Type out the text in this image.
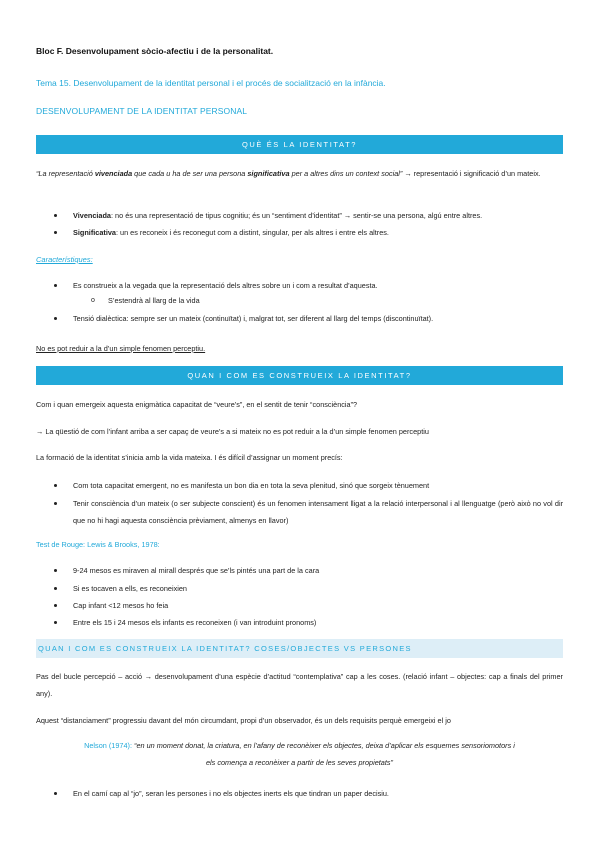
Bloc F. Desenvolupament sòcio-afectiu i de la personalitat.
Tema 15. Desenvolupament de la identitat personal i el procés de socialització en la infància.
DESENVOLUPAMENT DE LA IDENTITAT PERSONAL
QUÈ ÉS LA IDENTITAT?
“La representació vivenciada que cada u ha de ser una persona significativa per a altres dins un context social” → representació i significació d’un mateix.
Vivenciada: no és una representació de tipus cognitiu; és un “sentiment d’identitat” → sentir-se una persona, algú entre altres.
Significativa: un es reconeix i és reconegut com a distint, singular, per als altres i entre els altres.
Característiques:
Es construeix a la vegada que la representació dels altres sobre un i com a resultat d’aquesta.
o S’estendrà al llarg de la vida
Tensió dialèctica: sempre ser un mateix (continuïtat) i, malgrat tot, ser diferent al llarg del temps (discontinuïtat).
No es pot reduir a la d’un simple fenomen perceptiu.
QUAN I COM ES CONSTRUEIX LA IDENTITAT?
Com i quan emergeix aquesta enigmàtica capacitat de “veure’s”, en el sentit de tenir “consciència”?
→ La qüestió de com l’infant arriba a ser capaç de veure’s a si mateix no es pot reduir a la d’un simple fenomen perceptiu
La formació de la identitat s’inicia amb la vida mateixa. I és difícil d’assignar un moment precís:
Com tota capacitat emergent, no es manifesta un bon dia en tota la seva plenitud, sinó que sorgeix tènuement
Tenir consciència d’un mateix (o ser subjecte conscient) és un fenomen intensament lligat a la relació interpersonal i al llenguatge (però això no vol dir que no hi hagi aquesta consciència prèviament, almenys en llavor)
Test de Rouge: Lewis & Brooks, 1978:
9-24 mesos es miraven al mirall després que se’ls pintés una part de la cara
Si es tocaven a ells, es reconeixien
Cap infant <12 mesos ho feia
Entre els 15 i 24 mesos els infants es reconeixen (i van introduint pronoms)
QUAN I COM ES CONSTRUEIX LA IDENTITAT? COSES/OBJECTES VS PERSONES
Pas del bucle percepció – acció → desenvolupament d’una espècie d’actitud “contemplativa” cap a les coses. (relació infant – objectes: cap a finals del primer any).
Aquest “distanciament” progressiu davant del món circumdant, propi d’un observador, és un dels requisits perquè emergeixi el jo
Nelson (1974): “en un moment donat, la criatura, en l’afany de reconèixer els objectes, deixa d’aplicar els esquemes sensoriomotors i
els comença a reconèixer a partir de les seves propietats”
En el camí cap al “jo”, seran les persones i no els objectes inerts els que tindran un paper decisiu.
